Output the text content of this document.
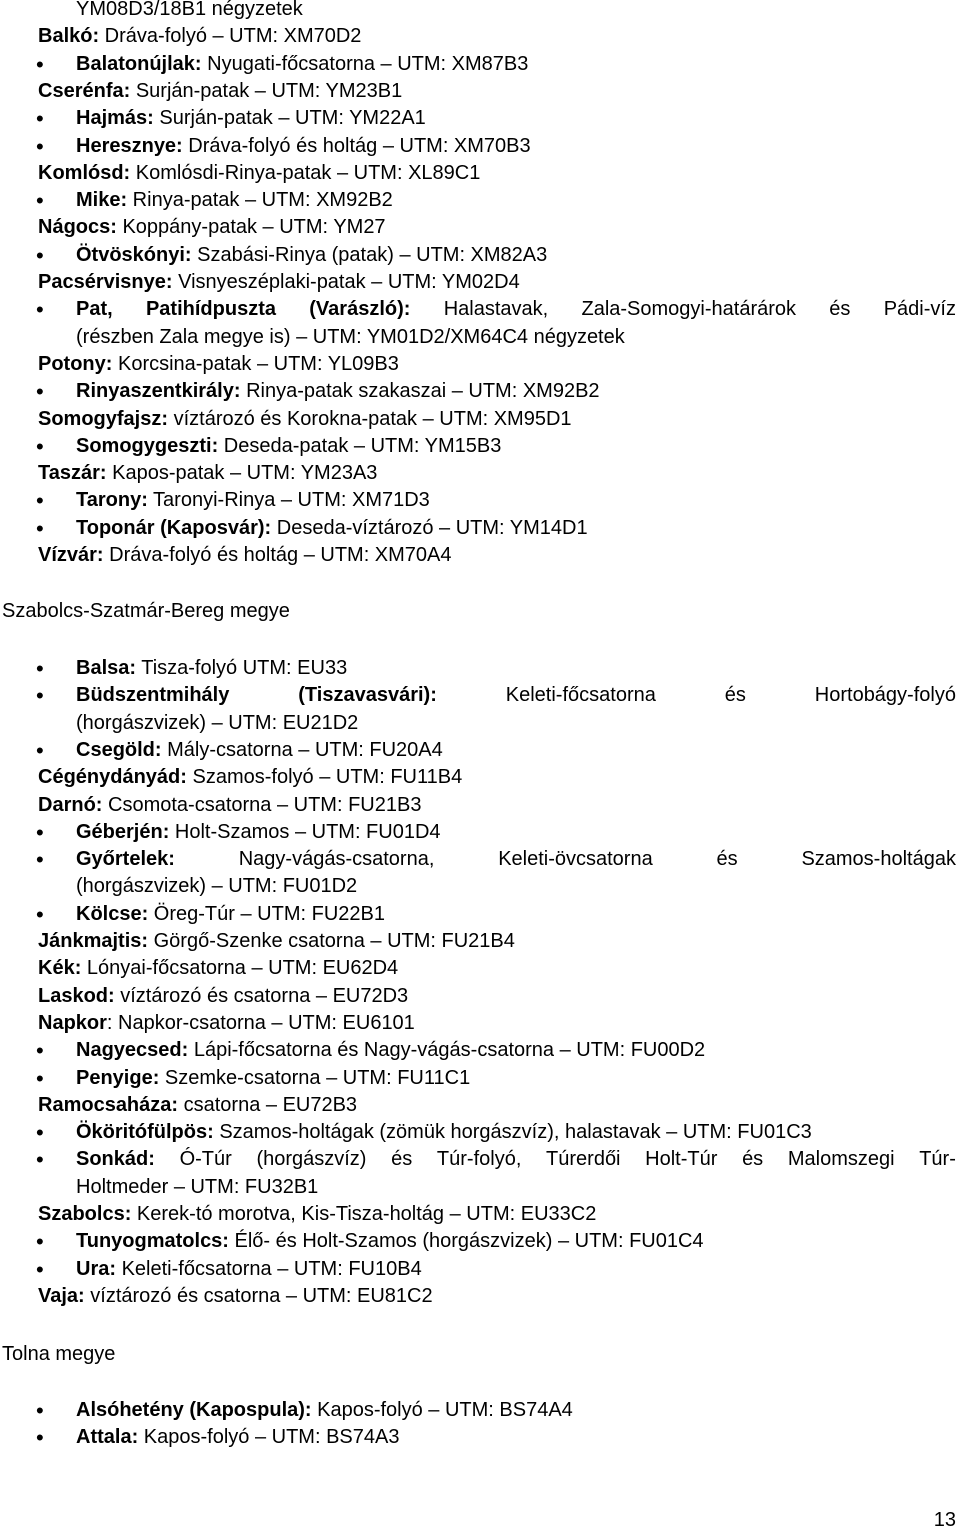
YM08D3/18B1 négyzetek
Balkó: Dráva-folyó – UTM: XM70D2
• Balatonújlak: Nyugati-főcsatorna – UTM: XM87B3
Cserénfa: Surján-patak – UTM: YM23B1
• Hajmás: Surján-patak – UTM: YM22A1
• Heresznye: Dráva-folyó és holtág – UTM: XM70B3
Komlósd: Komlósdi-Rinya-patak – UTM: XL89C1
• Mike: Rinya-patak – UTM: XM92B2
Nágocs: Koppány-patak – UTM: YM27
• Ötvöskónyi: Szabási-Rinya (patak) – UTM: XM82A3
Pacsérvisnye: Visnyeszéplaki-patak – UTM: YM02D4
• Pat, Patihídpuszta (Varászló): Halastavak, Zala-Somogyi-határárok és Pádi-víz
(részben Zala megye is) – UTM: YM01D2/XM64C4 négyzetek
Potony: Korcsina-patak – UTM: YL09B3
• Rinyaszentkirály: Rinya-patak szakaszai – UTM: XM92B2
Somogyfajsz: víztározó és Korokna-patak – UTM: XM95D1
• Somogygeszti: Deseda-patak – UTM: YM15B3
Taszár: Kapos-patak – UTM: YM23A3
• Tarony: Taronyi-Rinya – UTM: XM71D3
• Toponár (Kaposvár): Deseda-víztározó – UTM: YM14D1
Vízvár: Dráva-folyó és holtág – UTM: XM70A4
Szabolcs-Szatmár-Bereg megye
• Balsa: Tisza-folyó UTM: EU33
• Büdszentmihály	(Tiszavasvári):	Keleti-főcsatorna	és	Hortobágy-folyó
(horgászvizek) – UTM: EU21D2
• Csegöld: Mály-csatorna – UTM: FU20A4
Cégénydányád: Szamos-folyó – UTM: FU11B4
Darnó: Csomota-csatorna – UTM: FU21B3
• Géberjén: Holt-Szamos – UTM: FU01D4
• Győrtelek:	Nagy-vágás-csatorna,	Keleti-övcsatorna	és	Szamos-holtágak
(horgászvizek) – UTM: FU01D2
• Kölcse: Öreg-Túr – UTM: FU22B1
Jánkmajtis: Görgő-Szenke csatorna – UTM: FU21B4
Kék: Lónyai-főcsatorna – UTM: EU62D4
Laskod: víztározó és csatorna – EU72D3
Napkor: Napkor-csatorna – UTM: EU6101
• Nagyecsed: Lápi-főcsatorna és Nagy-vágás-csatorna – UTM: FU00D2
• Penyige: Szemke-csatorna – UTM: FU11C1
Ramocsaháza: csatorna – EU72B3
• Ököritófülpös: Szamos-holtágak (zömük horgászvíz), halastavak – UTM: FU01C3
• Sonkád: Ó-Túr (horgászvíz) és Túr-folyó, Túrerdői Holt-Túr és Malomszegi Túr-
Holtmeder – UTM: FU32B1
Szabolcs: Kerek-tó morotva, Kis-Tisza-holtág – UTM: EU33C2
• Tunyogmatolcs: Élő- és Holt-Szamos (horgászvizek) – UTM: FU01C4
• Ura: Keleti-főcsatorna – UTM: FU10B4
Vaja: víztározó és csatorna – UTM: EU81C2
Tolna megye
• Alsóhetény (Kapospula): Kapos-folyó – UTM: BS74A4
• Attala: Kapos-folyó – UTM: BS74A3
13
